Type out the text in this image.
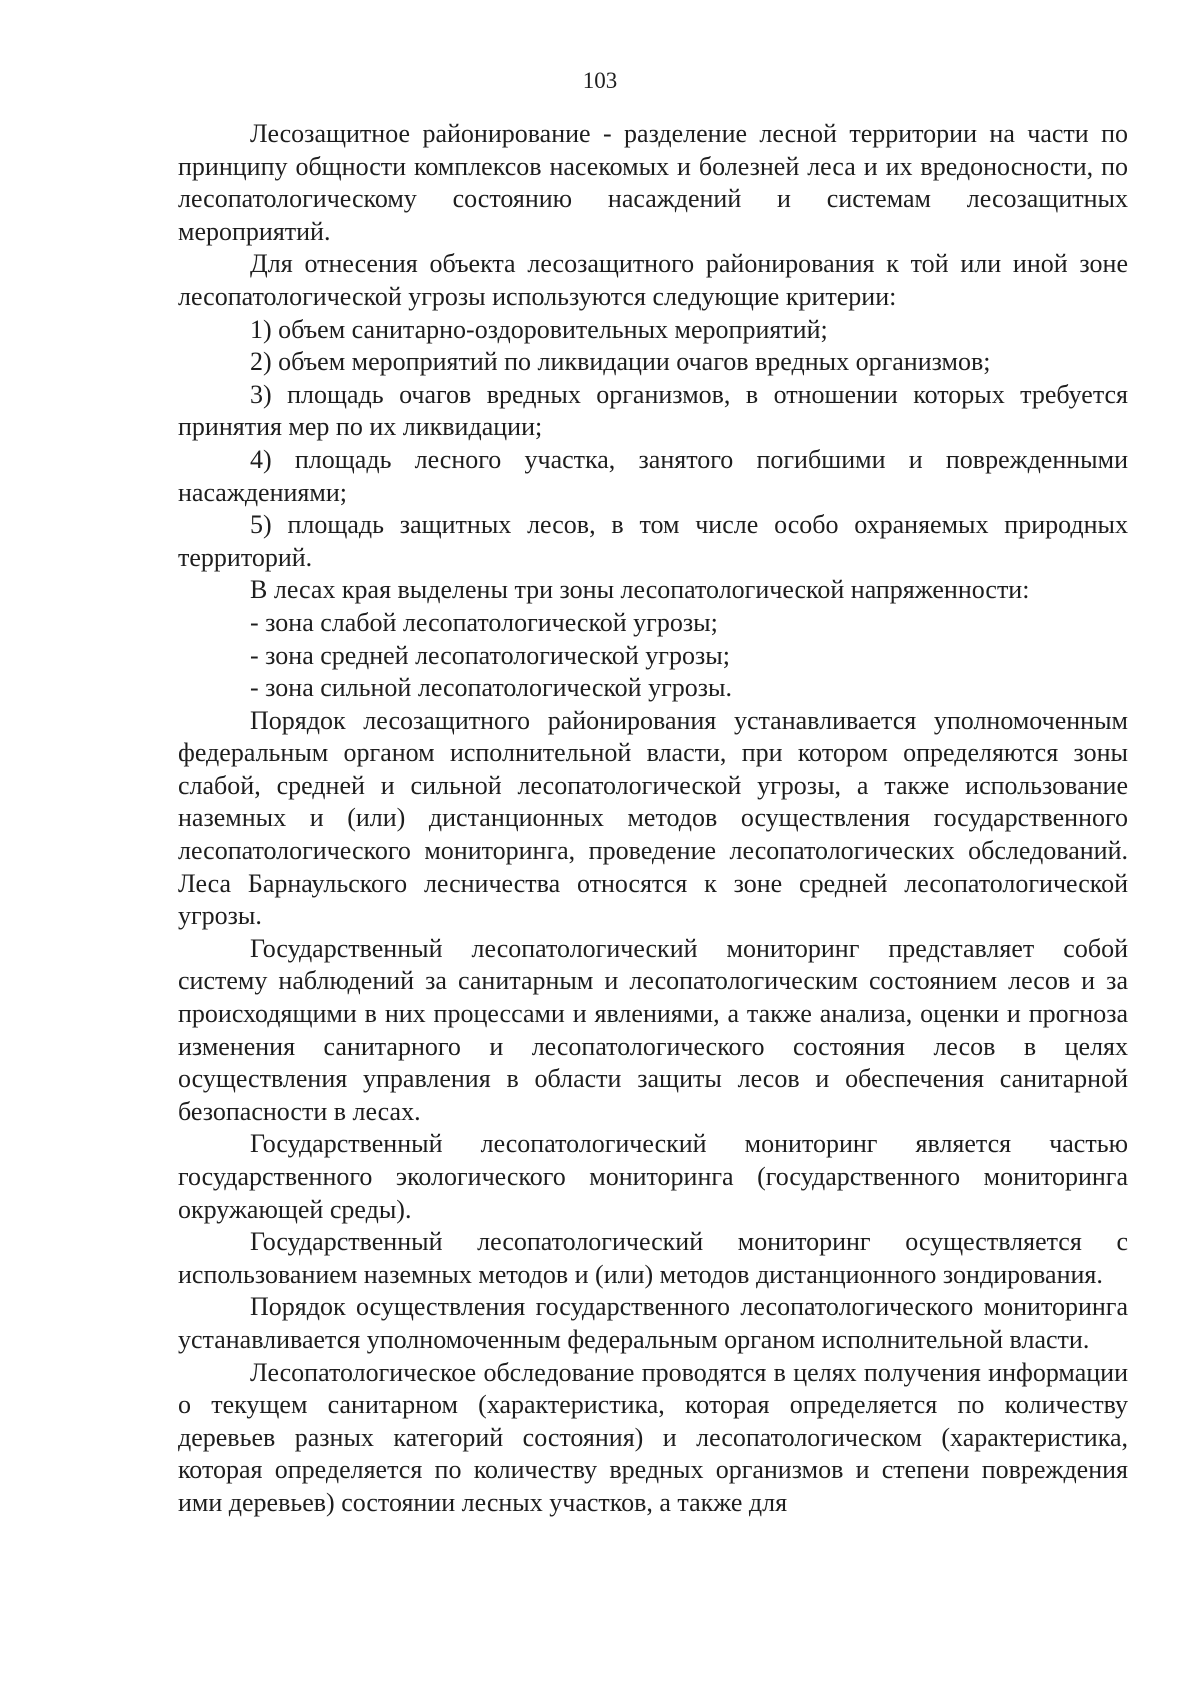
103

Лесозащитное районирование - разделение лесной территории на части по принципу общности комплексов насекомых и болезней леса и их вредоносности, по лесопатологическому состоянию насаждений и системам лесозащитных мероприятий.

Для отнесения объекта лесозащитного районирования к той или иной зоне лесопатологической угрозы используются следующие критерии:

1) объем санитарно-оздоровительных мероприятий;

2) объем мероприятий по ликвидации очагов вредных организмов;

3) площадь очагов вредных организмов, в отношении которых требуется принятия мер по их ликвидации;

4) площадь лесного участка, занятого погибшими и поврежденными насаждениями;

5) площадь защитных лесов, в том числе особо охраняемых природных территорий.

В лесах края выделены три зоны лесопатологической напряженности:

- зона слабой лесопатологической угрозы;

- зона средней лесопатологической угрозы;

- зона сильной лесопатологической угрозы.

Порядок лесозащитного районирования устанавливается уполномоченным федеральным органом исполнительной власти, при котором определяются зоны слабой, средней и сильной лесопатологической угрозы, а также использование наземных и (или) дистанционных методов осуществления государственного лесопатологического мониторинга, проведение лесопатологических обследований. Леса Барнаульского лесничества относятся к зоне средней лесопатологической угрозы.

Государственный лесопатологический мониторинг представляет собой систему наблюдений за санитарным и лесопатологическим состоянием лесов и за происходящими в них процессами и явлениями, а также анализа, оценки и прогноза изменения санитарного и лесопатологического состояния лесов в целях осуществления управления в области защиты лесов и обеспечения санитарной безопасности в лесах.

Государственный лесопатологический мониторинг является частью государственного экологического мониторинга (государственного мониторинга окружающей среды).

Государственный лесопатологический мониторинг осуществляется с использованием наземных методов и (или) методов дистанционного зондирования.

Порядок осуществления государственного лесопатологического мониторинга устанавливается уполномоченным федеральным органом исполнительной власти.

Лесопатологическое обследование проводятся в целях получения информации о текущем санитарном (характеристика, которая определяется по количеству деревьев разных категорий состояния) и лесопатологическом (характеристика, которая определяется по количеству вредных организмов и степени повреждения ими деревьев) состоянии лесных участков, а также для
